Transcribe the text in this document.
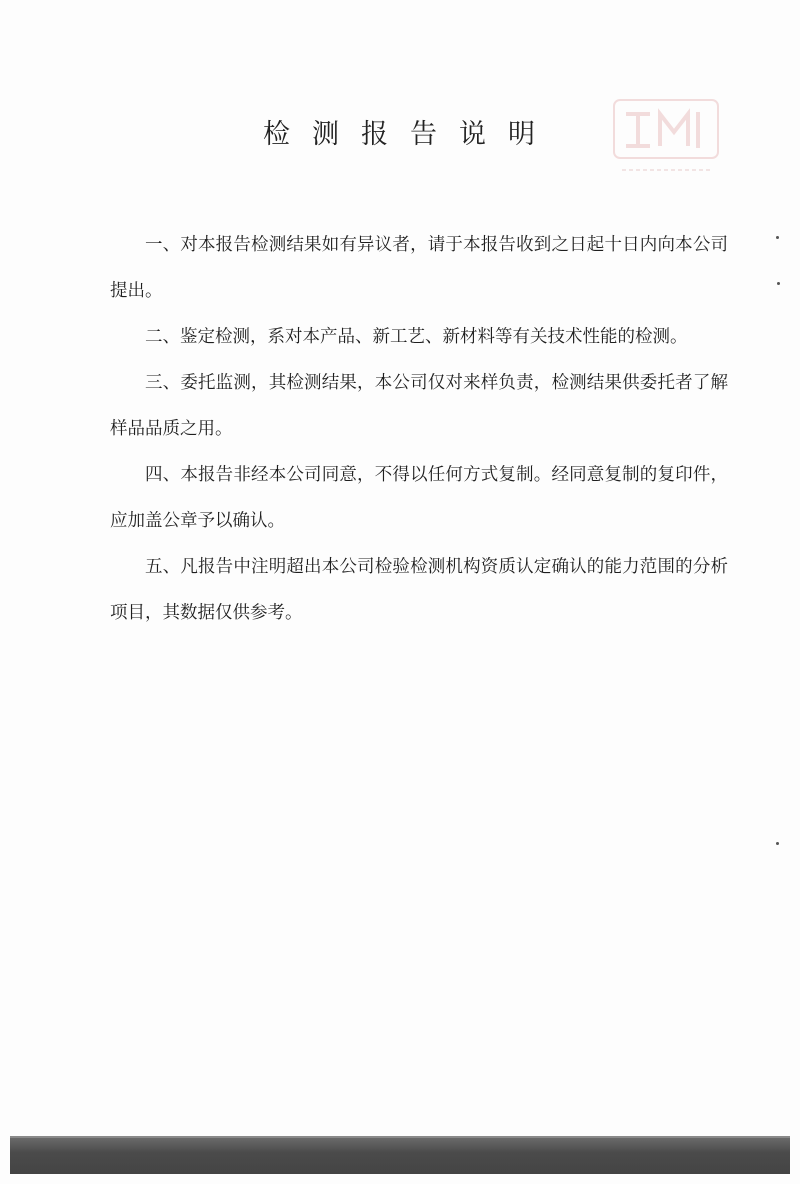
检测报告说明

一、对本报告检测结果如有异议者，请于本报告收到之日起十日内向本公司提出。

二、鉴定检测，系对本产品、新工艺、新材料等有关技术性能的检测。

三、委托监测，其检测结果，本公司仅对来样负责，检测结果供委托者了解样品品质之用。

四、本报告非经本公司同意，不得以任何方式复制。经同意复制的复印件，应加盖公章予以确认。

五、凡报告中注明超出本公司检验检测机构资质认定确认的能力范围的分析项目，其数据仅供参考。
